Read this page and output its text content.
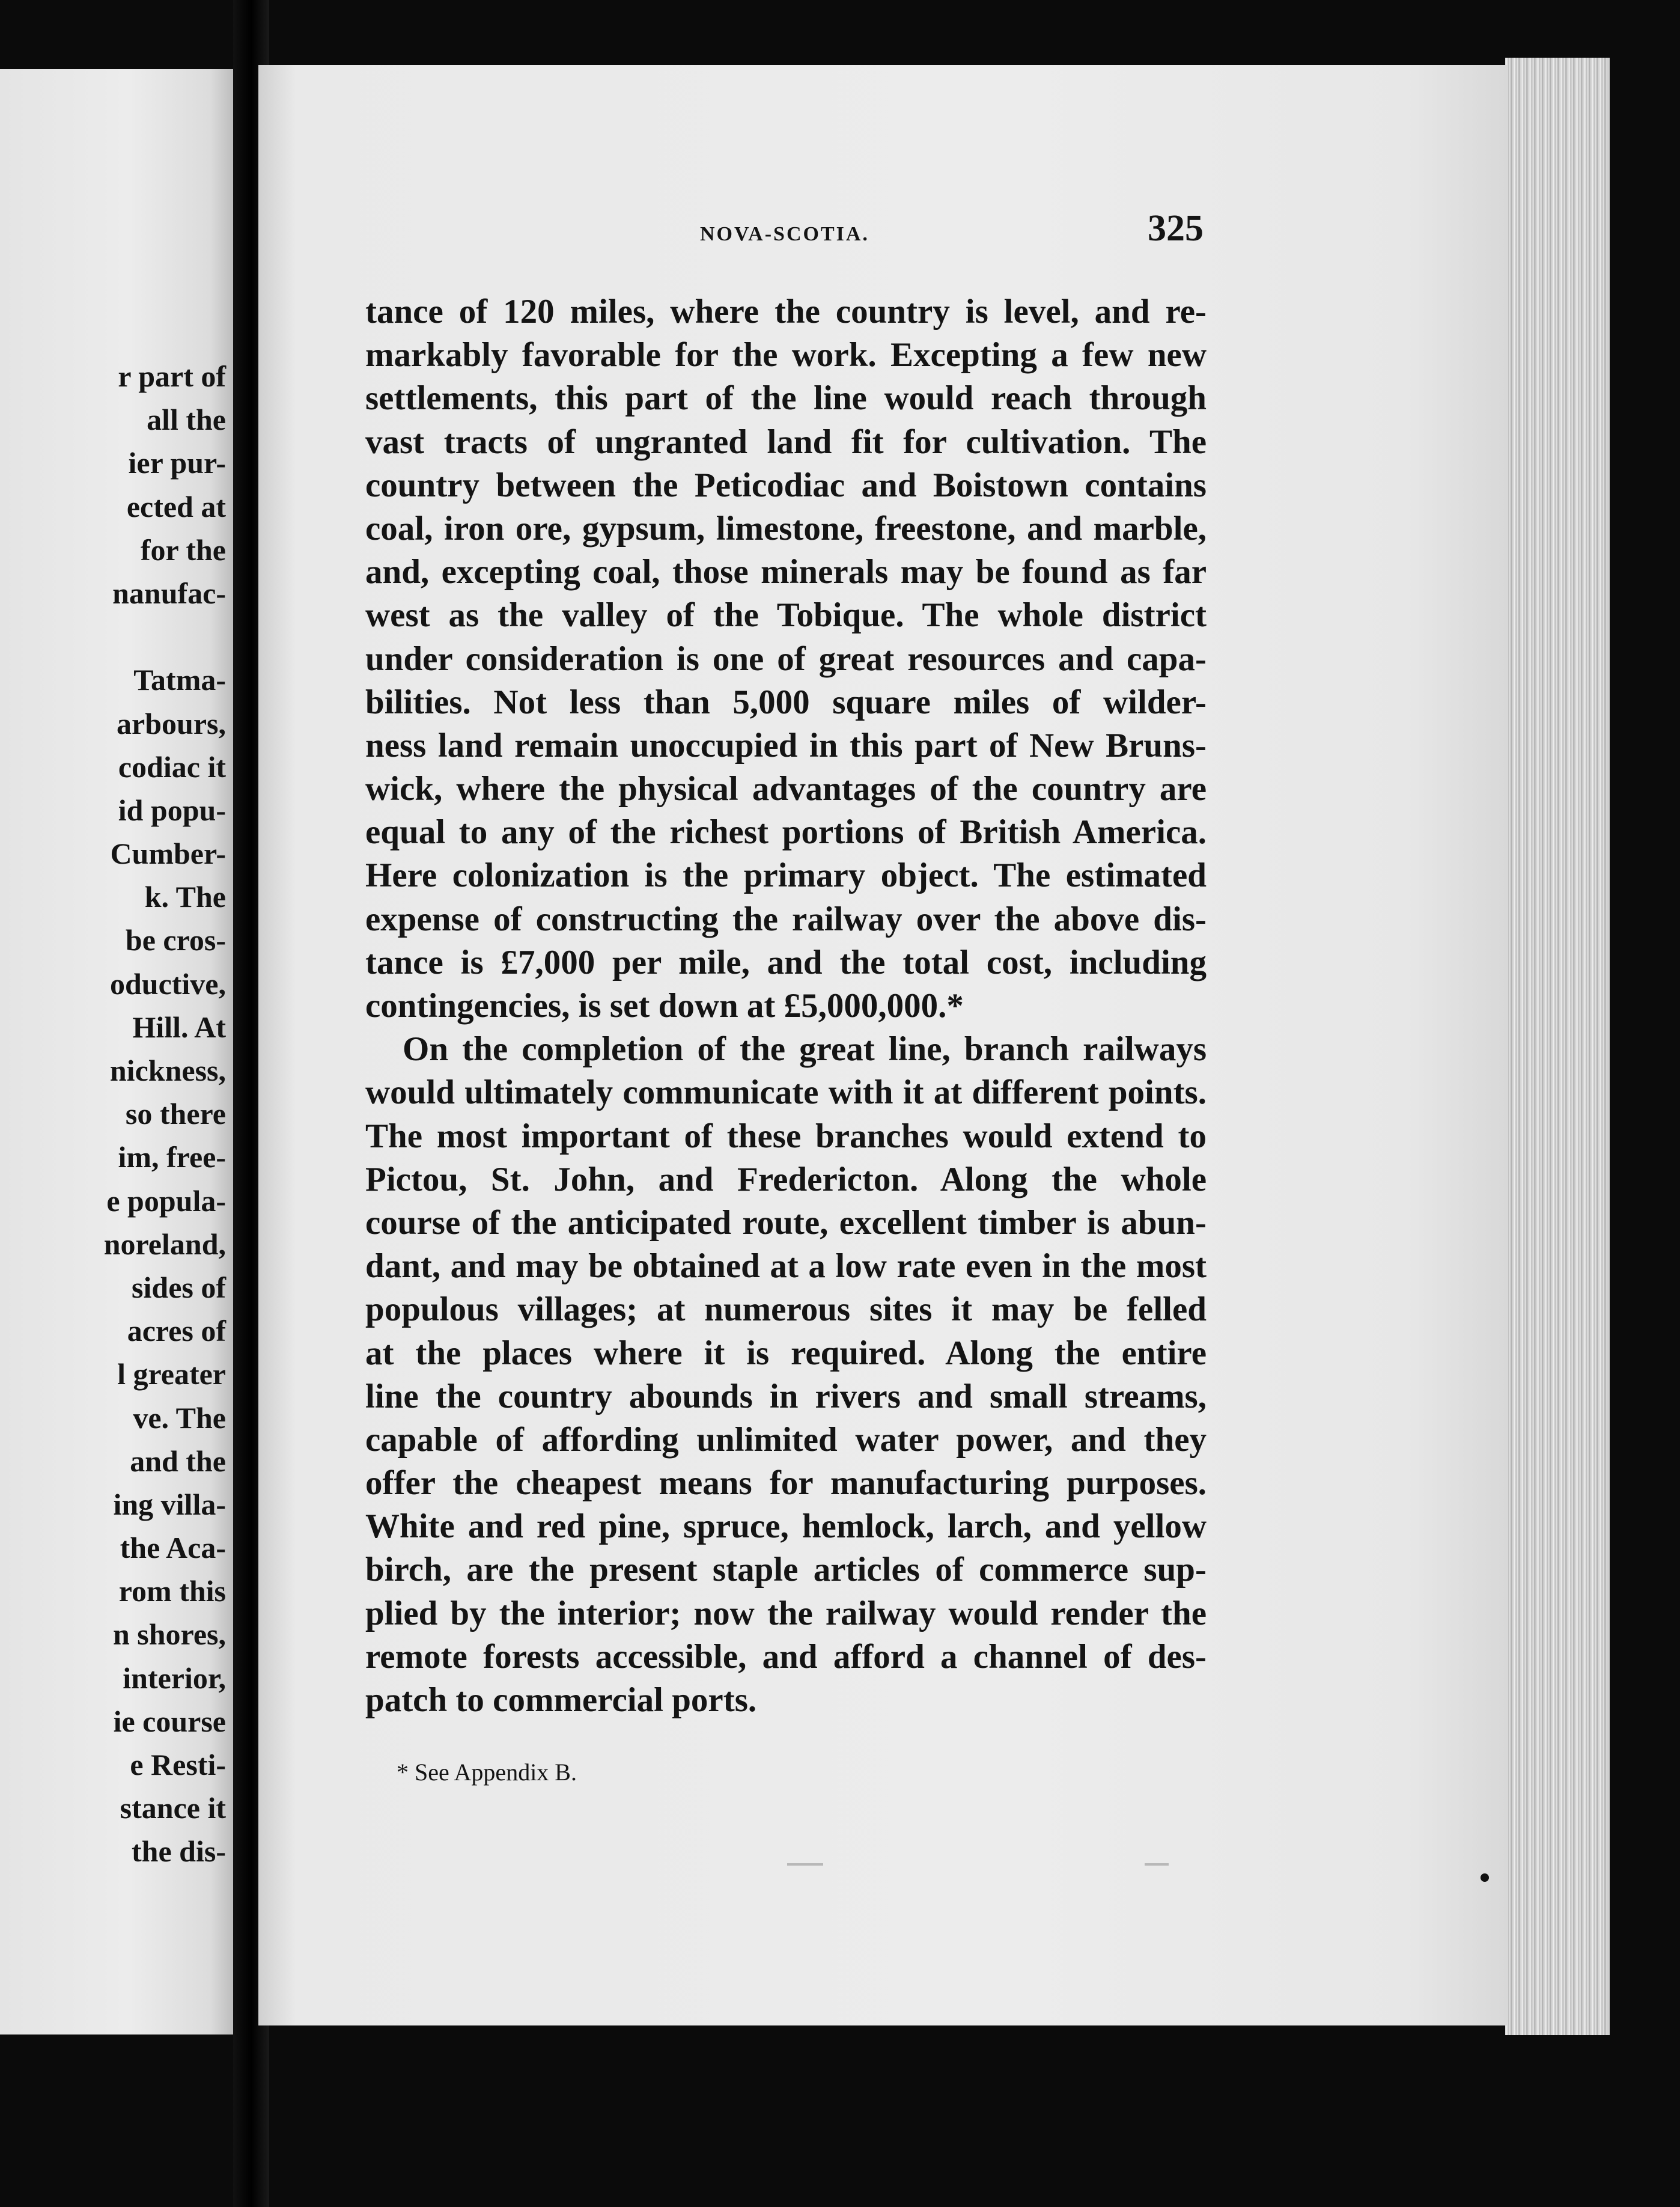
r part of
all the
ier pur-
ected at
for the
nanufac-
Tatma-
arbours,
codiac it
id popu-
Cumber-
k. The
be cros-
oductive,
Hill. At
nickness,
so there
im, free-
e popula-
noreland,
sides of
acres of
l greater
ve. The
and the
ing villa-
the Aca-
rom this
n shores,
interior,
ie course
e Resti-
stance it
the dis-
NOVA-SCOTIA.	325
tance of 120 miles, where the country is level, and re-
markably favorable for the work. Excepting a few new
settlements, this part of the line would reach through
vast tracts of ungranted land fit for cultivation. The
country between the Peticodiac and Boistown contains
coal, iron ore, gypsum, limestone, freestone, and marble,
and, excepting coal, those minerals may be found as far
west as the valley of the Tobique. The whole district
under consideration is one of great resources and capa-
bilities. Not less than 5,000 square miles of wilder-
ness land remain unoccupied in this part of New Bruns-
wick, where the physical advantages of the country are
equal to any of the richest portions of British America.
Here colonization is the primary object. The estimated
expense of constructing the railway over the above dis-
tance is £7,000 per mile, and the total cost, including
contingencies, is set down at £5,000,000.*
On the completion of the great line, branch railways
would ultimately communicate with it at different points.
The most important of these branches would extend to
Pictou, St. John, and Fredericton. Along the whole
course of the anticipated route, excellent timber is abun-
dant, and may be obtained at a low rate even in the most
populous villages; at numerous sites it may be felled
at the places where it is required. Along the entire
line the country abounds in rivers and small streams,
capable of affording unlimited water power, and they
offer the cheapest means for manufacturing purposes.
White and red pine, spruce, hemlock, larch, and yellow
birch, are the present staple articles of commerce sup-
plied by the interior; now the railway would render the
remote forests accessible, and afford a channel of des-
patch to commercial ports.

* See Appendix B.
